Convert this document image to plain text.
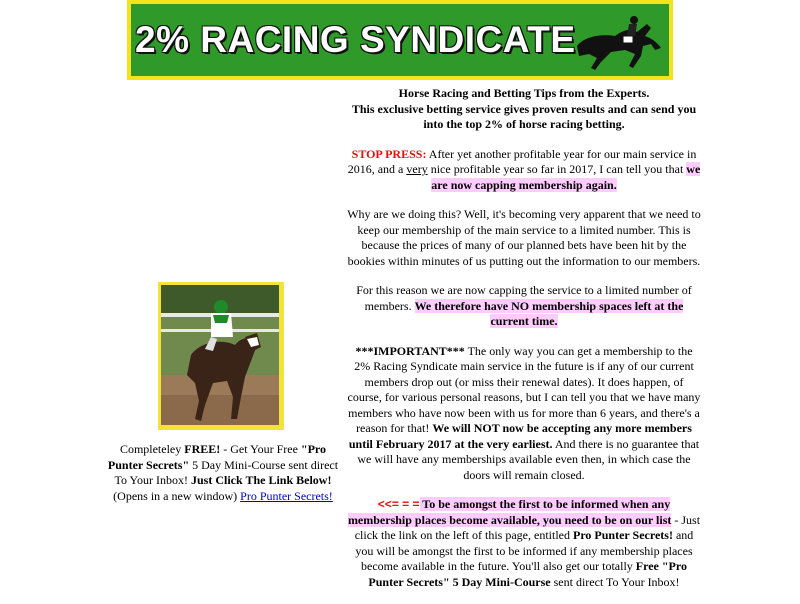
2% RACING SYNDICATE
Completeley FREE! - Get Your Free "Pro Punter Secrets" 5 Day Mini-Course sent direct To Your Inbox! Just Click The Link Below! (Opens in a new window) Pro Punter Secrets!

Horse Racing and Betting Tips from the Experts.
This exclusive betting service gives proven results and can send you into the top 2% of horse racing betting.

STOP PRESS: After yet another profitable year for our main service in 2016, and a very nice profitable year so far in 2017, I can tell you that we are now capping membership again.

Why are we doing this? Well, it's becoming very apparent that we need to keep our membership of the main service to a limited number. This is because the prices of many of our planned bets have been hit by the bookies within minutes of us putting out the information to our members.

For this reason we are now capping the service to a limited number of members. We therefore have NO membership spaces left at the current time.

***IMPORTANT*** The only way you can get a membership to the 2% Racing Syndicate main service in the future is if any of our current members drop out (or miss their renewal dates). It does happen, of course, for various personal reasons, but I can tell you that we have many members who have now been with us for more than 6 years, and there's a reason for that! We will NOT now be accepting any more members until February 2017 at the very earliest. And there is no guarantee that we will have any memberships available even then, in which case the doors will remain closed.

<<= = = To be amongst the first to be informed when any membership places become available, you need to be on our list - Just click the link on the left of this page, entitled Pro Punter Secrets! and you will be amongst the first to be informed if any membership places become available in the future. You'll also get our totally Free "Pro Punter Secrets" 5 Day Mini-Course sent direct To Your Inbox!
